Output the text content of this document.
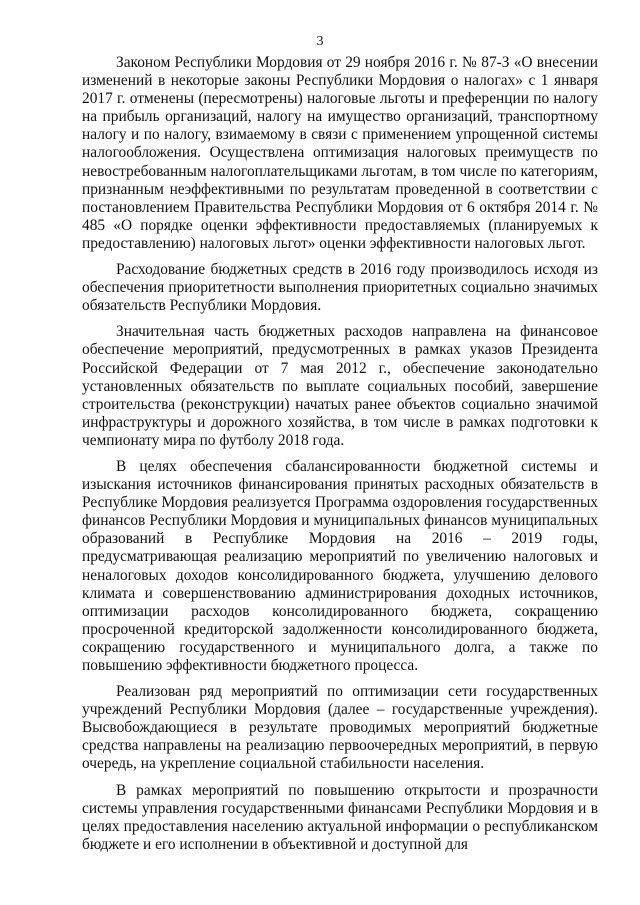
3

Законом Республики Мордовия от 29 ноября 2016 г. № 87-З «О внесении изменений в некоторые законы Республики Мордовия о налогах» с 1 января 2017 г. отменены (пересмотрены) налоговые льготы и преференции по налогу на прибыль организаций, налогу на имущество организаций, транспортному налогу и по налогу, взимаемому в связи с применением упрощенной системы налогообложения. Осуществлена оптимизация налоговых преимуществ по невостребованным налогоплательщиками льготам, в том числе по категориям, признанным неэффективными по результатам проведенной в соответствии с постановлением Правительства Республики Мордовия от 6 октября 2014 г. № 485 «О порядке оценки эффективности предоставляемых (планируемых к предоставлению) налоговых льгот» оценки эффективности налоговых льгот.

Расходование бюджетных средств в 2016 году производилось исходя из обеспечения приоритетности выполнения приоритетных социально значимых обязательств Республики Мордовия.

Значительная часть бюджетных расходов направлена на финансовое обеспечение мероприятий, предусмотренных в рамках указов Президента Российской Федерации от 7 мая 2012 г., обеспечение законодательно установленных обязательств по выплате социальных пособий, завершение строительства (реконструкции) начатых ранее объектов социально значимой инфраструктуры и дорожного хозяйства, в том числе в рамках подготовки к чемпионату мира по футболу 2018 года.

В целях обеспечения сбалансированности бюджетной системы и изыскания источников финансирования принятых расходных обязательств в Республике Мордовия реализуется Программа оздоровления государственных финансов Республики Мордовия и муниципальных финансов муниципальных образований в Республике Мордовия на 2016 – 2019 годы, предусматривающая реализацию мероприятий по увеличению налоговых и неналоговых доходов консолидированного бюджета, улучшению делового климата и совершенствованию администрирования доходных источников, оптимизации расходов консолидированного бюджета, сокращению просроченной кредиторской задолженности консолидированного бюджета, сокращению государственного и муниципального долга, а также по повышению эффективности бюджетного процесса.

Реализован ряд мероприятий по оптимизации сети государственных учреждений Республики Мордовия (далее – государственные учреждения). Высвобождающиеся в результате проводимых мероприятий бюджетные средства направлены на реализацию первоочередных мероприятий, в первую очередь, на укрепление социальной стабильности населения.

В рамках мероприятий по повышению открытости и прозрачности системы управления государственными финансами Республики Мордовия и в целях предоставления населению актуальной информации о республиканском бюджете и его исполнении в объективной и доступной для
